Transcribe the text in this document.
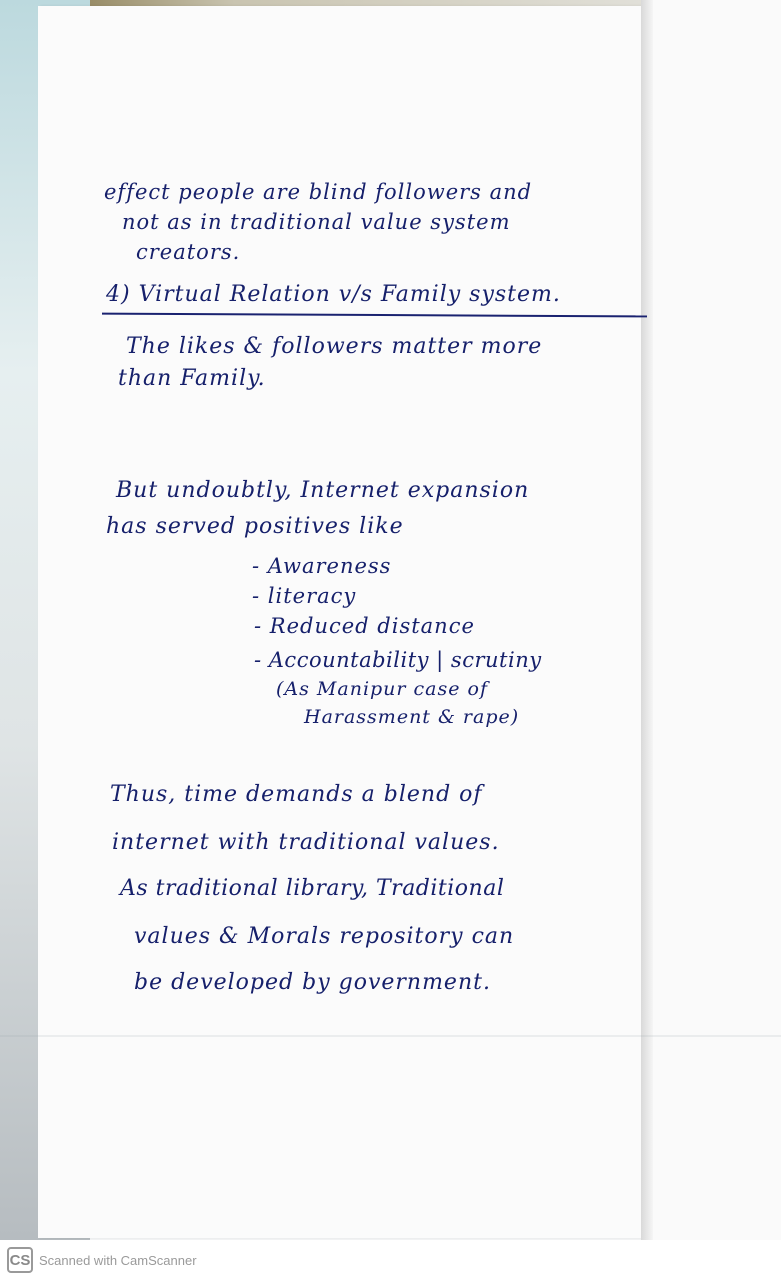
effect people are blind followers and
not as in traditional value system
creators.
4) Virtual Relation v/s Family system.
The likes & followers matter more
than Family.
But undoubtly, Internet expansion
has served positives like
- Awareness
- literacy
- Reduced distance
- Accountability | scrutiny
(As Manipur case of
Harassment & rape)
Thus, time demands a blend of
internet with traditional values.
As traditional library, Traditional
values & Morals repository can
be developed by government.
CS Scanned with CamScanner
